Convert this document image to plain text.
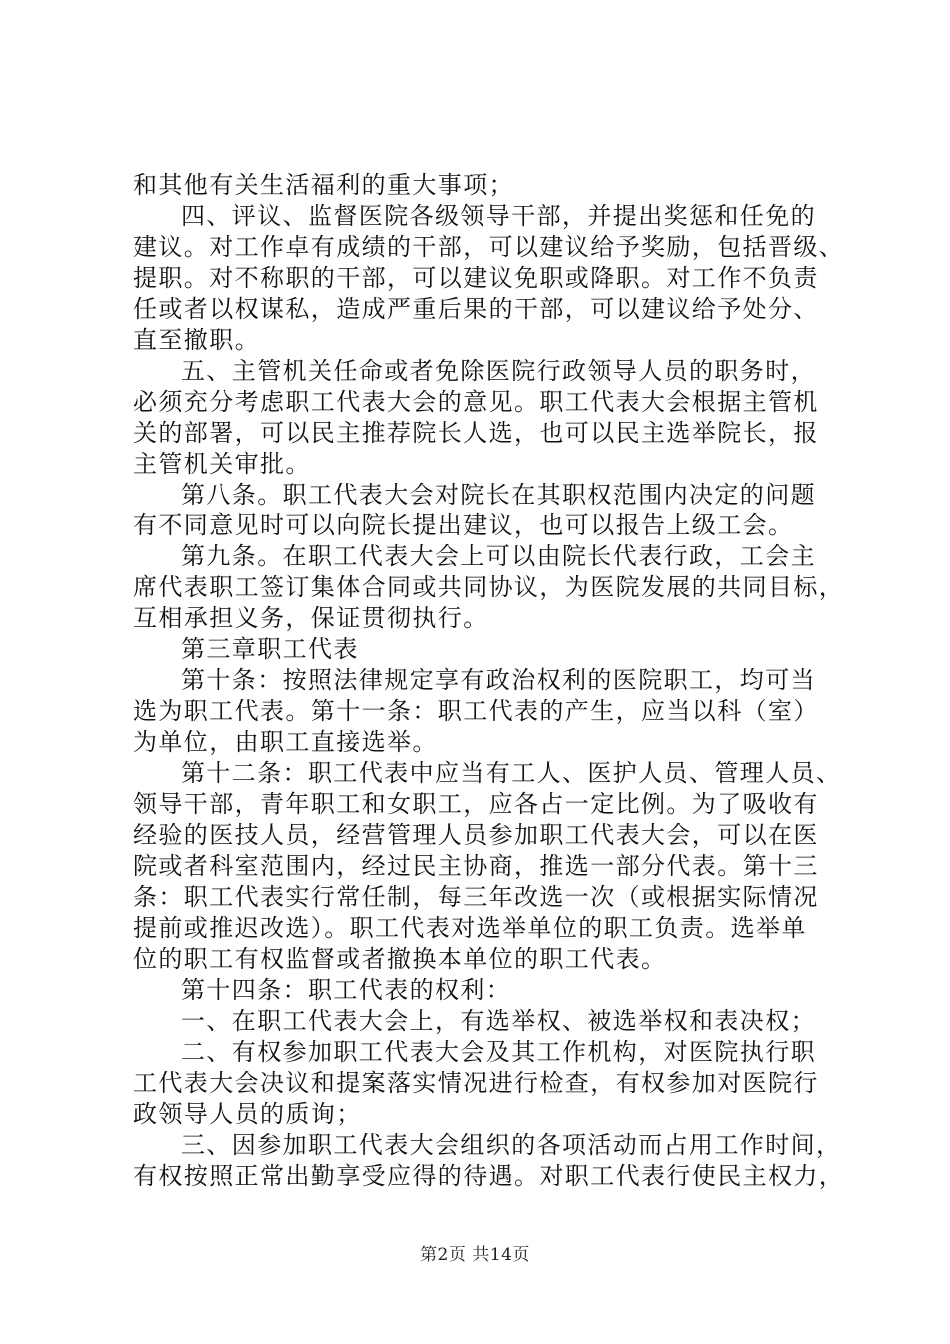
和其他有关生活福利的重大事项；
四、评议、监督医院各级领导干部，并提出奖惩和任免的
建议。对工作卓有成绩的干部，可以建议给予奖励，包括晋级、
提职。对不称职的干部，可以建议免职或降职。对工作不负责
任或者以权谋私，造成严重后果的干部，可以建议给予处分、
直至撤职。
五、主管机关任命或者免除医院行政领导人员的职务时，
必须充分考虑职工代表大会的意见。职工代表大会根据主管机
关的部署，可以民主推荐院长人选，也可以民主选举院长，报
主管机关审批。
第八条。职工代表大会对院长在其职权范围内决定的问题
有不同意见时可以向院长提出建议，也可以报告上级工会。
第九条。在职工代表大会上可以由院长代表行政，工会主
席代表职工签订集体合同或共同协议，为医院发展的共同目标，
互相承担义务，保证贯彻执行。
第三章职工代表
第十条：按照法律规定享有政治权利的医院职工，均可当
选为职工代表。第十一条：职工代表的产生，应当以科（室）
为单位，由职工直接选举。
第十二条：职工代表中应当有工人、医护人员、管理人员、
领导干部，青年职工和女职工，应各占一定比例。为了吸收有
经验的医技人员，经营管理人员参加职工代表大会，可以在医
院或者科室范围内，经过民主协商，推选一部分代表。第十三
条：职工代表实行常任制，每三年改选一次（或根据实际情况
提前或推迟改选）。职工代表对选举单位的职工负责。选举单
位的职工有权监督或者撤换本单位的职工代表。
第十四条：职工代表的权利：
一、在职工代表大会上，有选举权、被选举权和表决权；
二、有权参加职工代表大会及其工作机构，对医院执行职
工代表大会决议和提案落实情况进行检查，有权参加对医院行
政领导人员的质询；
三、因参加职工代表大会组织的各项活动而占用工作时间，
有权按照正常出勤享受应得的待遇。对职工代表行使民主权力，
第2页 共14页
